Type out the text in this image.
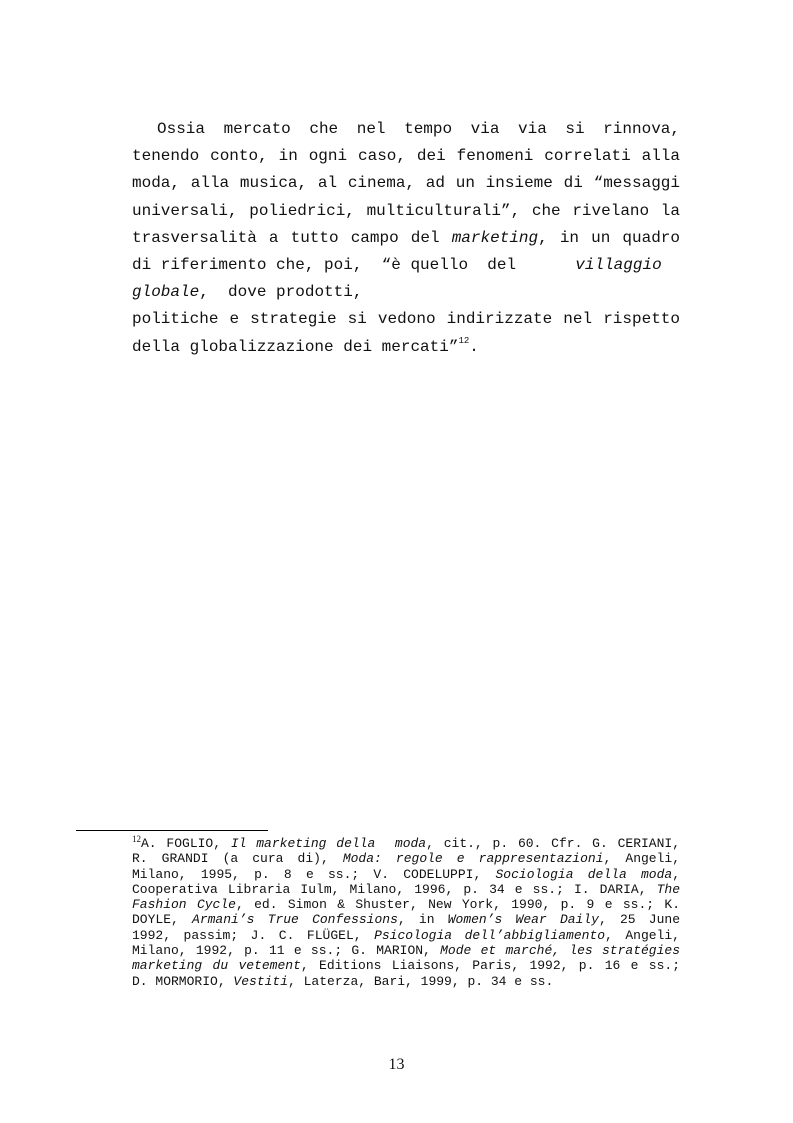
Ossia mercato che nel tempo via via si rinnova,
tenendo conto, in ogni caso, dei fenomeni correlati alla
moda, alla musica, al cinema, ad un insieme di “messaggi
universali, poliedrici, multiculturali”, che rivelano la
trasversalità a tutto campo del marketing, in un quadro
di riferimento che, poi,  “è quello  del	villaggio
globale,  dove prodotti,
politiche e strategie si vedono indirizzate nel rispetto
della globalizzazione dei mercati”$^{12}$.
$^{12}$A. FOGLIO, Il marketing della  moda, cit., p. 60. Cfr. G. CERIANI,
R. GRANDI (a cura di), Moda: regole e rappresentazioni, Angeli,
Milano, 1995, p. 8 e ss.; V. CODELUPPI, Sociologia della moda,
Cooperativa Libraria Iulm, Milano, 1996, p. 34 e ss.; I. DARIA, The
Fashion Cycle, ed. Simon & Shuster, New York, 1990, p. 9 e ss.; K.
DOYLE, Armani’s True Confessions, in Women’s Wear Daily, 25 June
1992, passim; J. C. FLÜGEL, Psicologia dell’abbigliamento, Angeli,
Milano, 1992, p. 11 e ss.; G. MARION, Mode et marché, les stratégies
marketing du vetement, Editions Liaisons, Paris, 1992, p. 16 e ss.;
D. MORMORIO, Vestiti, Laterza, Bari, 1999, p. 34 e ss.
13
